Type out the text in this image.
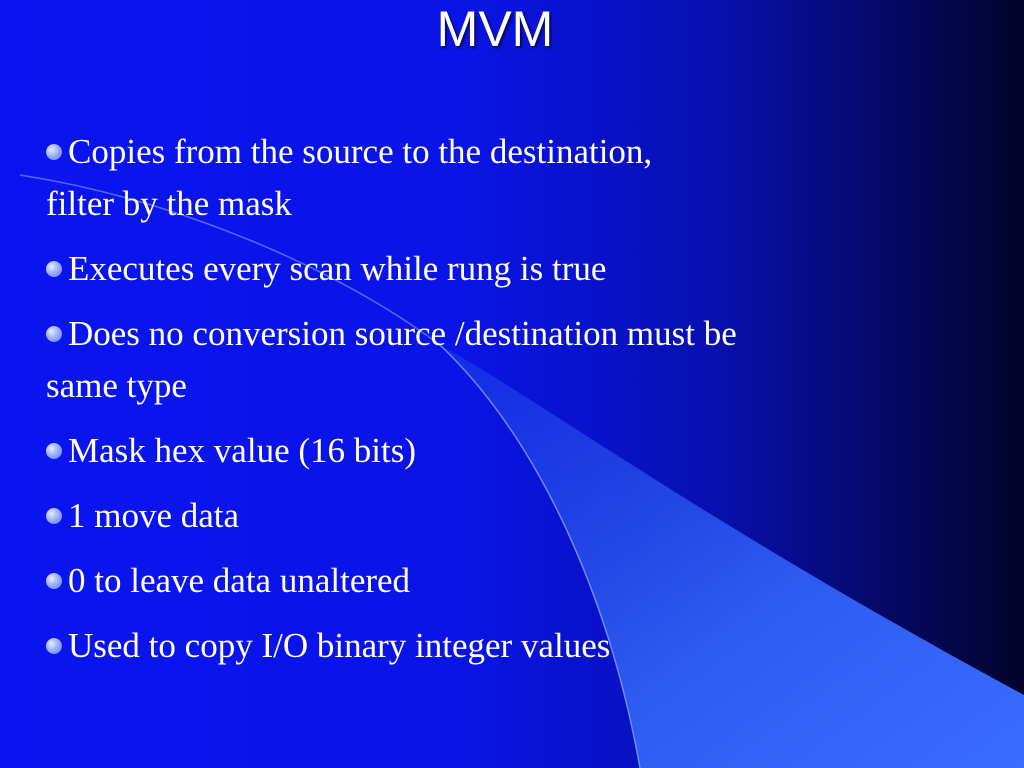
MVM
Copies from the source to the destination,
filter by the mask
Executes every scan while rung is true
Does no conversion source /destination must be
same type
Mask hex value (16 bits)
1 move data
0 to leave data unaltered
Used to copy I/O binary integer values
